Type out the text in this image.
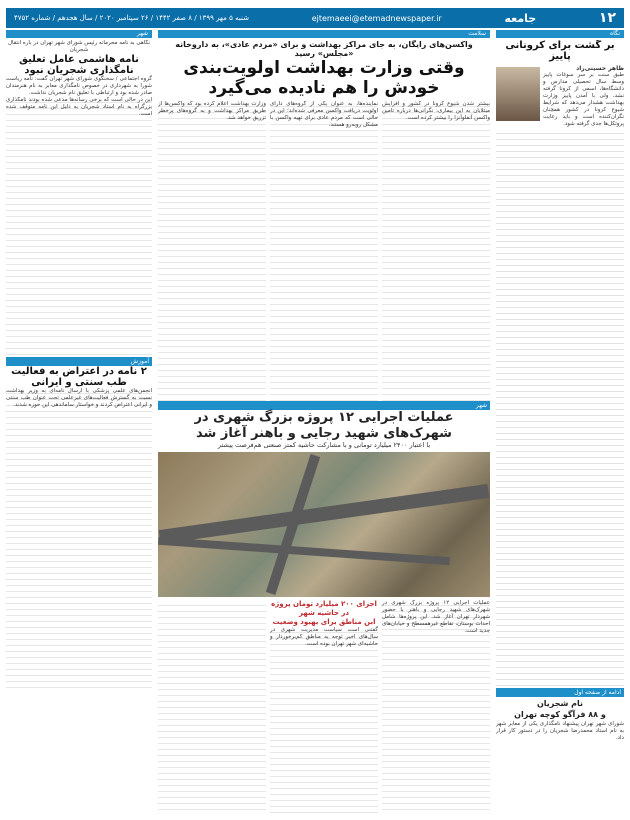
۱۲
جامعه
ejtemaeei@etemadnewspaper.ir
شنبه ۵ مهر ۱۳۹۹ / ۸ صفر ۱۴۴۲ / ۲۶ سپتامبر ۲۰۲۰ / سال هجدهم / شماره ۴۷۵۲
نگاه
سلامت
شهر
بر گشت برای کرونانی پاییز
ظاهر حسینی‌راد
طبق سنت بر سر سوغات پاییز وسط سال تحصیلی مدارس و دانشگاه‌ها، اسمی از کرونا گرفته نشد، ولی با آمدن پاییز وزارت بهداشت هشدار می‌دهد که شرایط شیوع کرونا در کشور همچنان نگران‌کننده است و باید رعایت پروتکل‌ها جدی گرفته شود.
ادامه از صفحه اول
نام شجریان
و ۸۸ فرآگو کوچه تهران
شورای شهر تهران پیشنهاد نامگذاری یکی از معابر شهر به نام استاد محمدرضا شجریان را در دستور کار قرار داد.
واکسن‌های رایگان، به جای مراکز بهداشت و برای «مردم عادی»، به داروخانه «مجلس» رسید
وقتی وزارت بهداشت اولویت‌بندی خودش را هم نادیده می‌گیرد
بیشتر شدن شیوع کرونا در کشور و افزایش مبتلایان به این بیماری، نگرانی‌ها درباره تامین واکسن آنفلوآنزا را بیشتر کرده است.
نماینده‌ها، به عنوان یکی از گروه‌های دارای اولویت دریافت واکسن معرفی شده‌اند؛ این در حالی است که مردم عادی برای تهیه واکسن با مشکل روبه‌رو هستند.
وزارت بهداشت اعلام کرده بود که واکسن‌ها از طریق مراکز بهداشت و به گروه‌های پرخطر تزریق خواهد شد.
شهر
عملیات اجرایی ۱۲ پروژه بزرگ شهری در شهرک‌های شهید رجایی و باهنر آغاز شد
با اعتبار ۲۴۰۰ میلیارد تومانی و با مشارکت حاشیه کمتر صنعتی هم‌فرصت پیشتر
عملیات اجرایی ۱۲ پروژه بزرگ شهری در شهرک‌های شهید رجایی و باهنر با حضور شهردار تهران آغاز شد. این پروژه‌ها شامل احداث بوستان، تقاطع غیرهمسطح و خیابان‌های جدید است.
اجرای ۲۰۰ میلیارد تومان پروژه در حاشیه شهر
ابن مناطق برای بهبود وضعیت
گفتنی است سیاست مدیریت شهری در سال‌های اخیر توجه به مناطق کم‌برخوردار و حاشیه‌ای شهر تهران بوده است.
نگاهی به نامه محرمانه رئیس شورای شهر تهران در باره انتقال شجریان
نامه هاشمی عامل تعلیق نامگذاری شجریان نبود
گروه اجتماعی / سخنگوی شورای شهر تهران گفت: نامه ریاست شورا به شهرداری در خصوص نامگذاری معابر به نام هنرمندان صادر شده بود و ارتباطی با تعلیق نام شجریان نداشت.
این در حالی است که برخی رسانه‌ها مدعی شده بودند نامگذاری بزرگراه به نام استاد شجریان به دلیل این نامه متوقف شده است.
آموزش
۲ نامه در اعتراض به فعالیت طب سنتی و ایرانی
انجمن‌های علمی پزشکی با ارسال نامه‌ای به وزیر بهداشت نسبت به گسترش فعالیت‌های غیرعلمی تحت عنوان طب سنتی و ایرانی اعتراض کردند و خواستار ساماندهی این حوزه شدند.
